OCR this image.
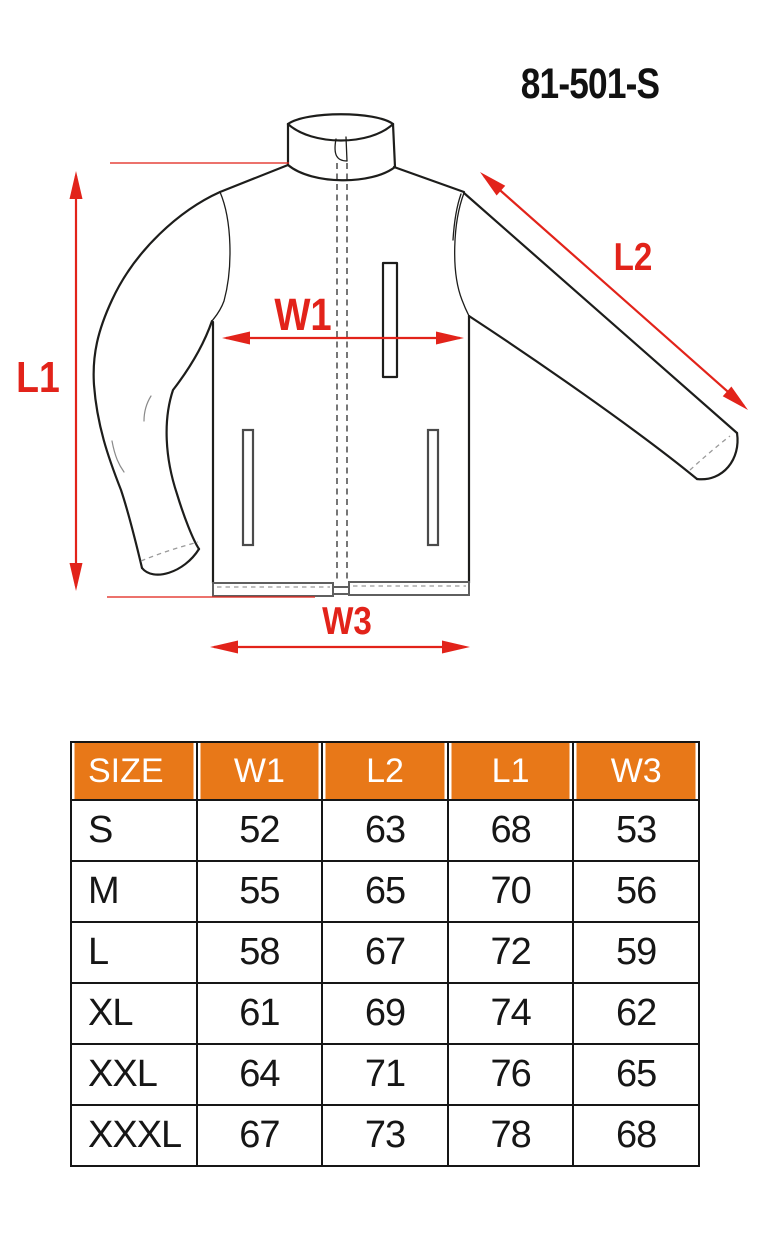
81-501-S
L1
W1
L2
W3
SIZE	W1	L2	L1	W3
S	52	63	68	53
M	55	65	70	56
L	58	67	72	59
XL	61	69	74	62
XXL	64	71	76	65
XXXL	67	73	78	68
